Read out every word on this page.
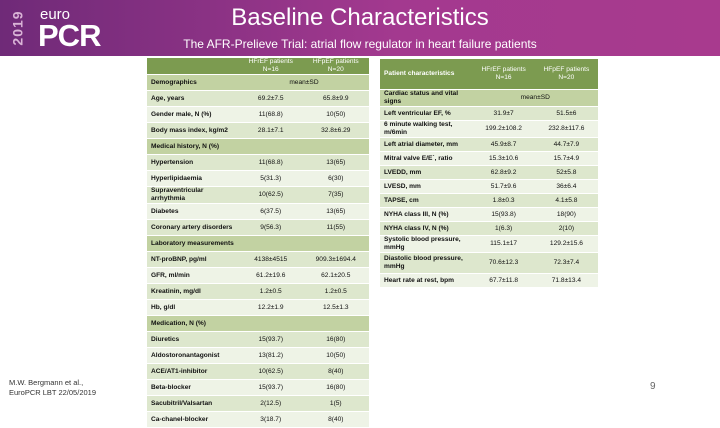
2019 euro
PCR
Baseline Characteristics
The AFR-Prelieve Trial: atrial flow regulator in heart failure patients
	HFrEF patients N=16	HFpEF patients N=20
Demographics	mean±SD	
Age, years	69.2±7.5	65.8±9.9
Gender male, N (%)	11(68.8)	10(50)
Body mass index, kg/m2	28.1±7.1	32.8±6.29
Medical history, N (%)		
Hypertension	11(68.8)	13(65)
Hyperlipidaemia	5(31.3)	6(30)
Supraventricular arrhythmia	10(62.5)	7(35)
Diabetes	6(37.5)	13(65)
Coronary artery disorders	9(56.3)	11(55)
Laboratory measurements		
NT-proBNP, pg/ml	4138±4515	909.3±1694.4
GFR, ml/min	61.2±19.6	62.1±20.5
Kreatinin, mg/dl	1.2±0.5	1.2±0.5
Hb, g/dl	12.2±1.9	12.5±1.3
Medication, N (%)		
Diuretics	15(93.7)	16(80)
Aldostoronantagonist	13(81.2)	10(50)
ACE/AT1-inhibitor	10(62.5)	8(40)
Beta-blocker	15(93.7)	16(80)
Sacubitril/Valsartan	2(12.5)	1(5)
Ca-chanel-blocker	3(18.7)	8(40)
Patient characteristics	HFrEF patients N=16	HFpEF patients N=20
Cardiac status and vital signs	mean±SD	
Left ventricular EF, %	31.9±7	51.5±6
6 minute walking test, m/6min	199.2±108.2	232.8±117.6
Left atrial diameter, mm	45.9±8.7	44.7±7.9
Mitral valve E/E´, ratio	15.3±10.6	15.7±4.9
LVEDD, mm	62.8±9.2	52±5.8
LVESD, mm	51.7±9.6	36±6.4
TAPSE, cm	1.8±0.3	4.1±5.8
NYHA class III, N (%)	15(93.8)	18(90)
NYHA class IV, N (%)	1(6.3)	2(10)
Systolic blood pressure, mmHg	115.1±17	129.2±15.6
Diastolic blood pressure, mmHg	70.6±12.3	72.3±7.4
Heart rate at rest, bpm	67.7±11.8	71.8±13.4
M.W. Bergmann et al.,
EuroPCR LBT 22/05/2019
9
